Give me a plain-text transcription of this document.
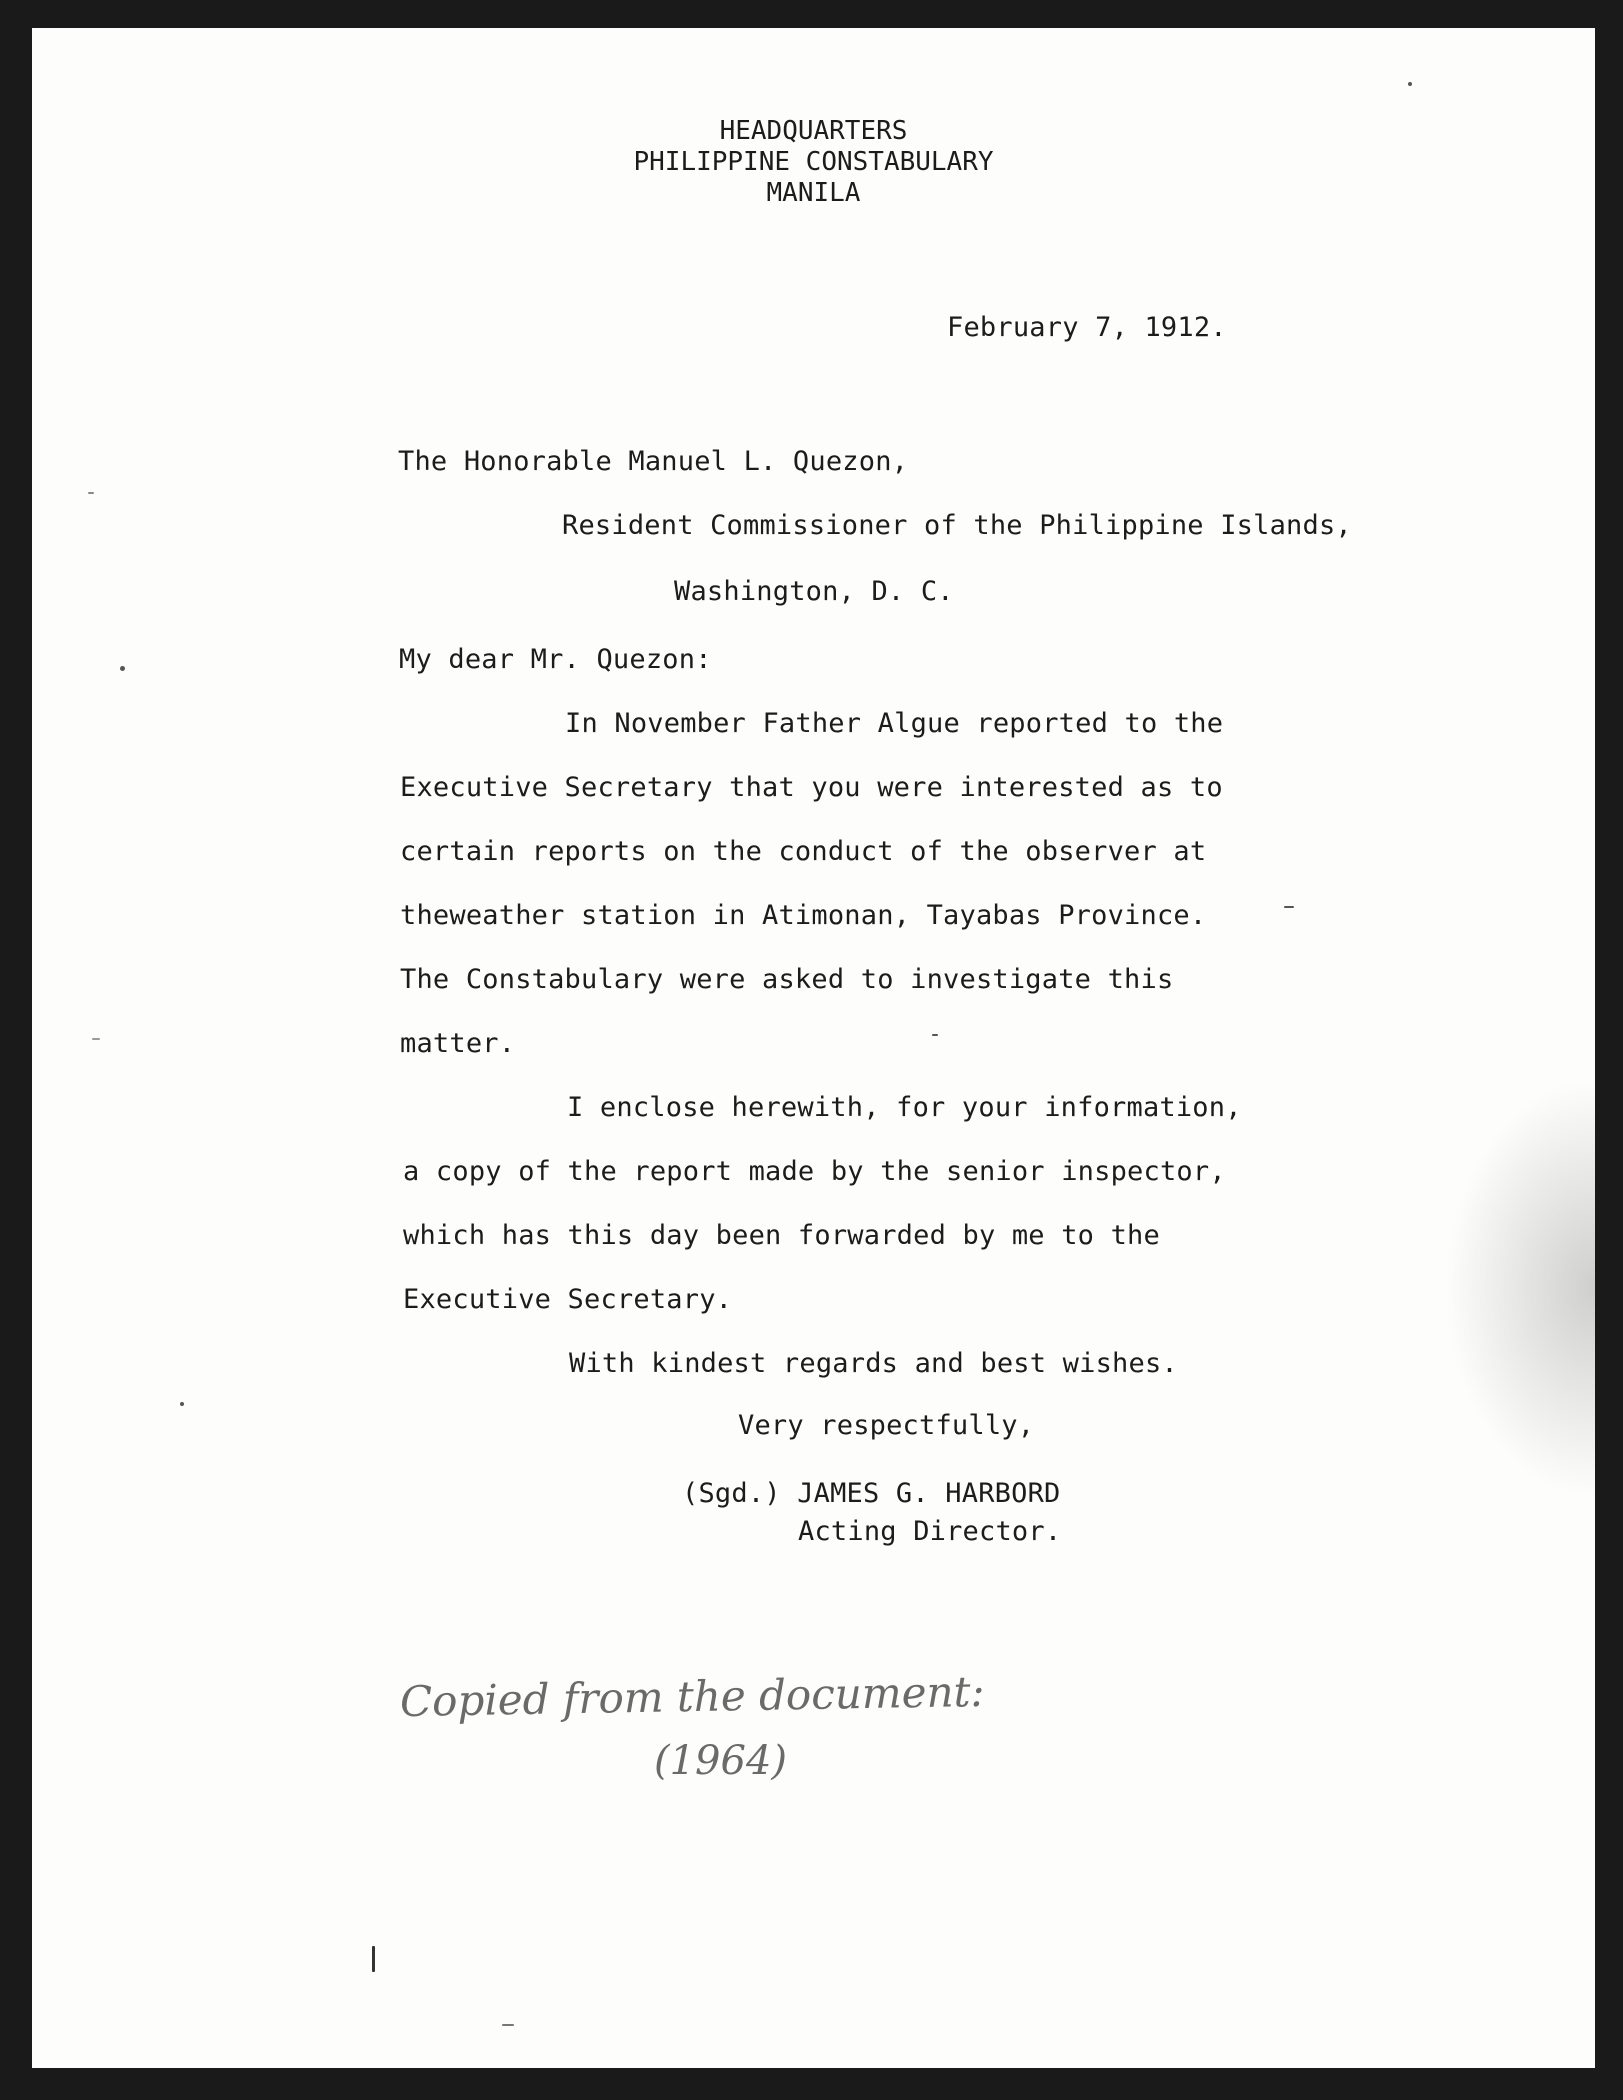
HEADQUARTERS
PHILIPPINE CONSTABULARY
MANILA
February 7, 1912.
The Honorable Manuel L. Quezon,
Resident Commissioner of the Philippine Islands,
Washington, D. C.
My dear Mr. Quezon:
In November Father Algue reported to the
Executive Secretary that you were interested as to
certain reports on the conduct of the observer at
theweather station in Atimonan, Tayabas Province.
The Constabulary were asked to investigate this
matter.
I enclose herewith, for your information,
a copy of the report made by the senior inspector,
which has this day been forwarded by me to the
Executive Secretary.
With kindest regards and best wishes.
Very respectfully,
(Sgd.) JAMES G. HARBORD
Acting Director.
Copied from the document:
(1964)
